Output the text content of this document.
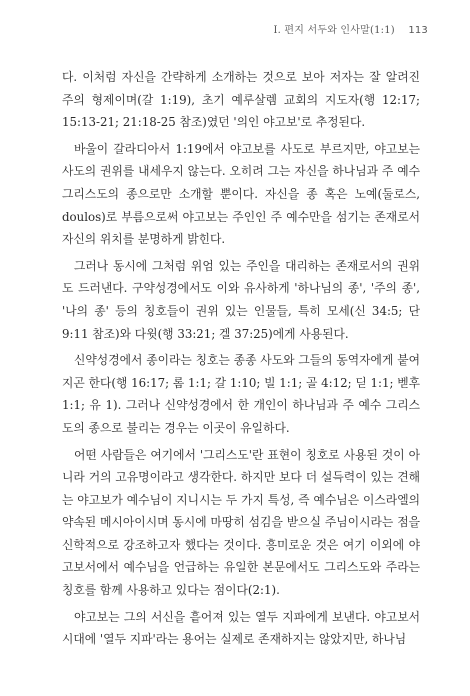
I. 편지 서두와 인사말(1:1) 113

다. 이처럼 자신을 간략하게 소개하는 것으로 보아 저자는 잘 알려진 주의 형제이며(갈 1:19), 초기 예루살렘 교회의 지도자(행 12:17; 15:13-21; 21:18-25 참조)였던 '의인 야고보'로 추정된다.

바울이 갈라디아서 1:19에서 야고보를 사도로 부르지만, 야고보는 사도의 권위를 내세우지 않는다. 오히려 그는 자신을 하나님과 주 예수 그리스도의 종으로만 소개할 뿐이다. 자신을 종 혹은 노예(둘로스, doulos)로 부름으로써 야고보는 주인인 주 예수만을 섬기는 존재로서 자신의 위치를 분명하게 밝힌다.

그러나 동시에 그처럼 위엄 있는 주인을 대리하는 존재로서의 권위도 드러낸다. 구약성경에서도 이와 유사하게 '하나님의 종', '주의 종', '나의 종' 등의 칭호들이 권위 있는 인물들, 특히 모세(신 34:5; 단 9:11 참조)와 다윗(행 33:21; 겔 37:25)에게 사용된다.

신약성경에서 종이라는 칭호는 종종 사도와 그들의 동역자에게 붙여지곤 한다(행 16:17; 롬 1:1; 갈 1:10; 빌 1:1; 골 4:12; 딛 1:1; 벧후 1:1; 유 1). 그러나 신약성경에서 한 개인이 하나님과 주 예수 그리스도의 종으로 불리는 경우는 이곳이 유일하다.

어떤 사람들은 여기에서 '그리스도'란 표현이 칭호로 사용된 것이 아니라 거의 고유명이라고 생각한다. 하지만 보다 더 설득력이 있는 견해는 야고보가 예수님이 지니시는 두 가지 특성, 즉 예수님은 이스라엘의 약속된 메시아이시며 동시에 마땅히 섬김을 받으실 주님이시라는 점을 신학적으로 강조하고자 했다는 것이다. 흥미로운 것은 여기 이외에 야고보서에서 예수님을 언급하는 유일한 본문에서도 그리스도와 주라는 칭호를 함께 사용하고 있다는 점이다(2:1).

야고보는 그의 서신을 흩어져 있는 열두 지파에게 보낸다. 야고보서 시대에 '열두 지파'라는 용어는 실제로 존재하지는 않았지만, 하나님
